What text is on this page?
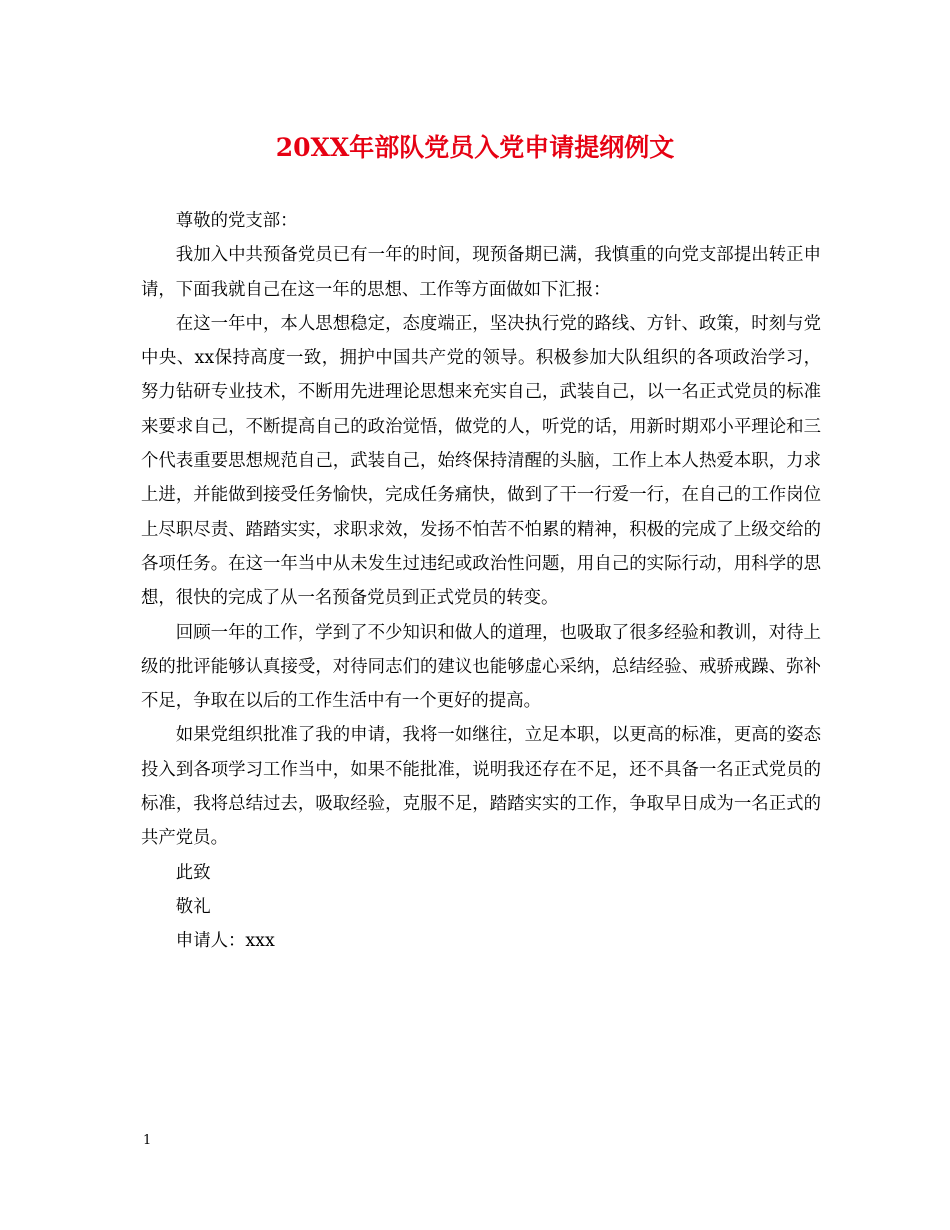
20XX年部队党员入党申请提纲例文

尊敬的党支部：

我加入中共预备党员已有一年的时间，现预备期已满，我慎重的向党支部提出转正申请，下面我就自己在这一年的思想、工作等方面做如下汇报：

在这一年中，本人思想稳定，态度端正，坚决执行党的路线、方针、政策，时刻与党中央、xx保持高度一致，拥护中国共产党的领导。积极参加大队组织的各项政治学习，努力钻研专业技术，不断用先进理论思想来充实自己，武装自己，以一名正式党员的标准来要求自己，不断提高自己的政治觉悟，做党的人，听党的话，用新时期邓小平理论和三个代表重要思想规范自己，武装自己，始终保持清醒的头脑，工作上本人热爱本职，力求上进，并能做到接受任务愉快，完成任务痛快，做到了干一行爱一行，在自己的工作岗位上尽职尽责、踏踏实实，求职求效，发扬不怕苦不怕累的精神，积极的完成了上级交给的各项任务。在这一年当中从未发生过违纪或政治性问题，用自己的实际行动，用科学的思想，很快的完成了从一名预备党员到正式党员的转变。

回顾一年的工作，学到了不少知识和做人的道理，也吸取了很多经验和教训，对待上级的批评能够认真接受，对待同志们的建议也能够虚心采纳，总结经验、戒骄戒躁、弥补不足，争取在以后的工作生活中有一个更好的提高。

如果党组织批准了我的申请，我将一如继往，立足本职，以更高的标准，更高的姿态投入到各项学习工作当中，如果不能批准，说明我还存在不足，还不具备一名正式党员的标准，我将总结过去，吸取经验，克服不足，踏踏实实的工作，争取早日成为一名正式的共产党员。

此致

敬礼

申请人：xxx

1
